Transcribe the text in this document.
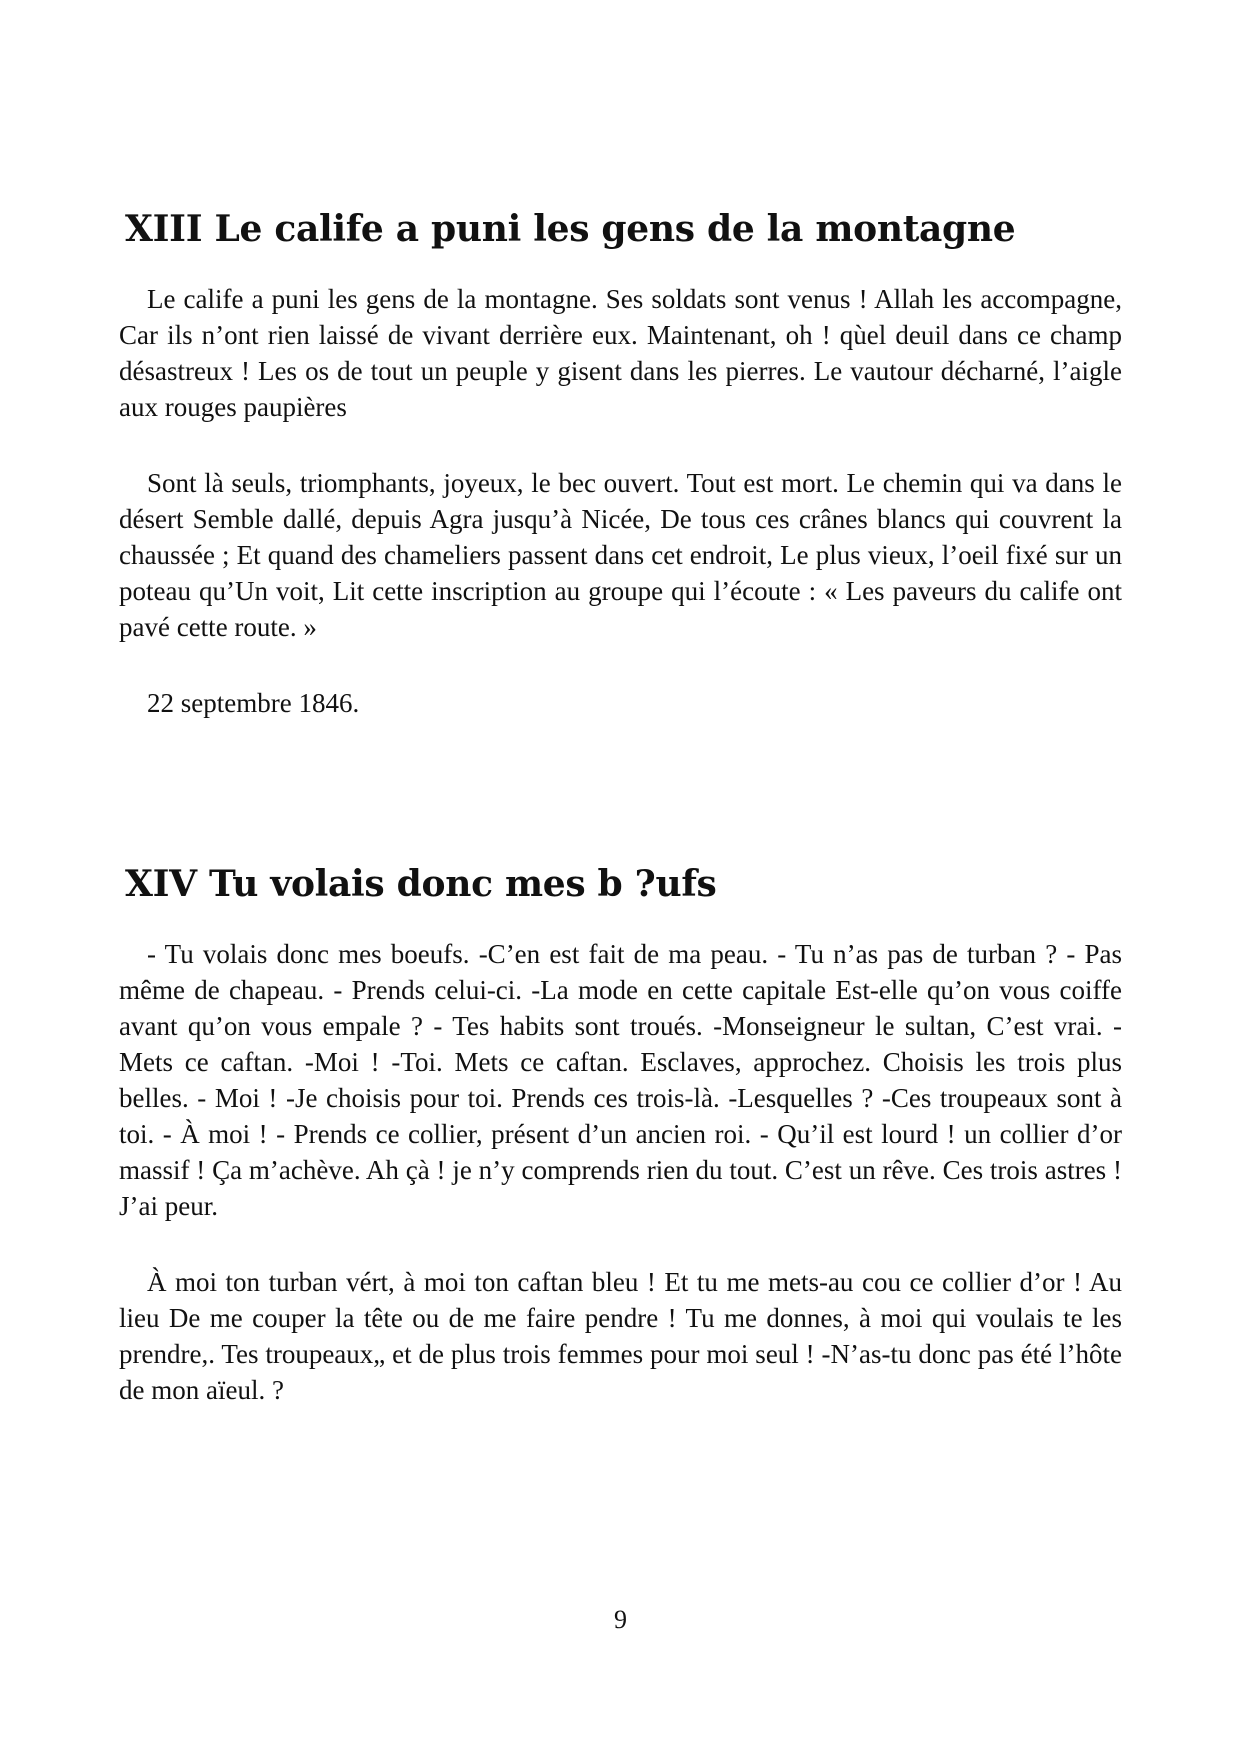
XIII Le calife a puni les gens de la montagne

Le calife a puni les gens de la montagne. Ses soldats sont venus ! Allah les accompagne, Car ils n’ont rien laissé de vivant derrière eux. Maintenant, oh ! qùel deuil dans ce champ désastreux ! Les os de tout un peuple y gisent dans les pierres. Le vautour décharné, l’aigle aux rouges paupières

Sont là seuls, triomphants, joyeux, le bec ouvert. Tout est mort. Le chemin qui va dans le désert Semble dallé, depuis Agra jusqu’à Nicée, De tous ces crânes blancs qui couvrent la chaussée ; Et quand des chameliers passent dans cet endroit, Le plus vieux, l’oeil fixé sur un poteau qu’Un voit, Lit cette inscription au groupe qui l’écoute : « Les paveurs du calife ont pavé cette route. »

22 septembre 1846.

XIV Tu volais donc mes b ?ufs

- Tu volais donc mes boeufs. -C’en est fait de ma peau. - Tu n’as pas de turban ? - Pas même de chapeau. - Prends celui-ci. -La mode en cette capitale Est-elle qu’on vous coiffe avant qu’on vous empale ? - Tes habits sont troués. -Monseigneur le sultan, C’est vrai. - Mets ce caftan. -Moi ! -Toi. Mets ce caftan. Esclaves, approchez. Choisis les trois plus belles. - Moi ! -Je choisis pour toi. Prends ces trois-là. -Lesquelles ? -Ces troupeaux sont à toi. - À moi ! - Prends ce collier, présent d’un ancien roi. - Qu’il est lourd ! un collier d’or massif ! Ça m’achève. Ah çà ! je n’y comprends rien du tout. C’est un rêve. Ces trois astres ! J’ai peur.

À moi ton turban vért, à moi ton caftan bleu ! Et tu me mets-au cou ce collier d’or ! Au lieu De me couper la tête ou de me faire pendre ! Tu me donnes, à moi qui voulais te les prendre,. Tes troupeaux„ et de plus trois femmes pour moi seul ! -N’as-tu donc pas été l’hôte de mon aïeul. ?

9
